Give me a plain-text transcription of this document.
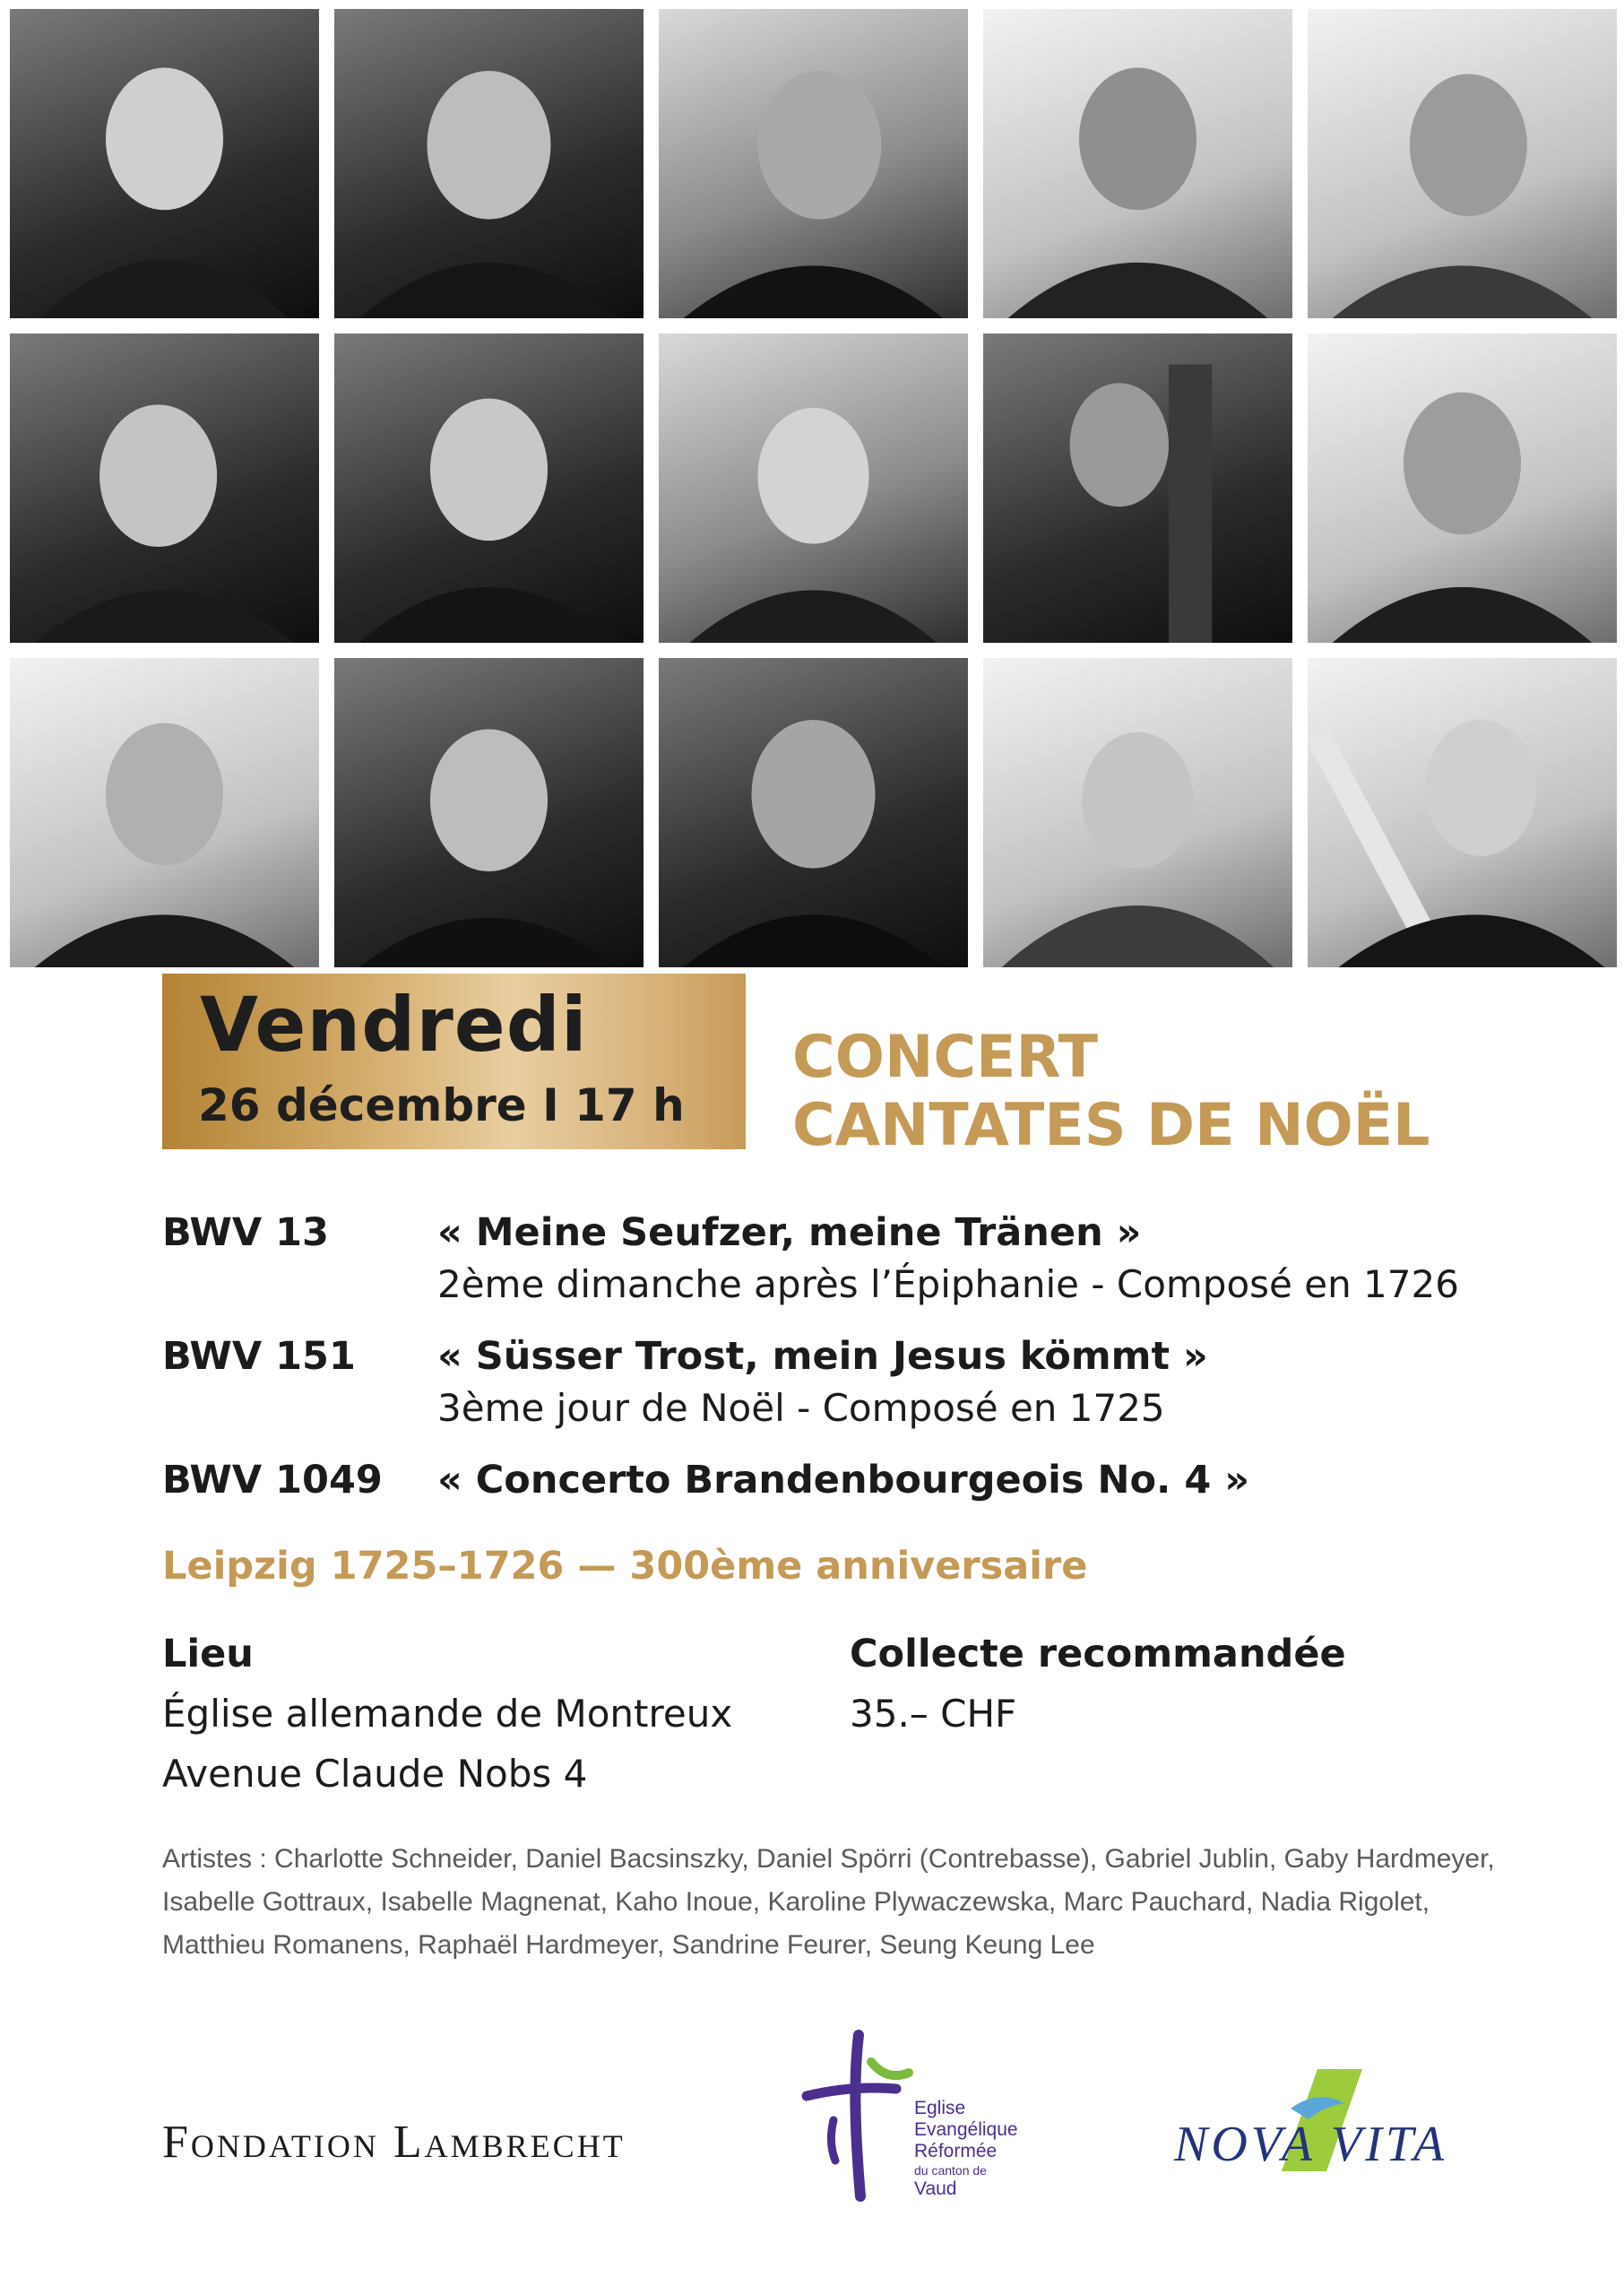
Vendredi

26 décembre I 17 h

CONCERT
CANTATES DE NOËL
BWV 13	« Meine Seufzer, meine Tränen »
2ème dimanche après l’Épiphanie - Composé en 1726
BWV 151 « Süsser Trost, mein Jesus kömmt »
3ème jour de Noël - Composé en 1725
BWV 1049 « Concerto Brandenbourgeois No. 4 »

Leipzig 1725–1726 — 300ème anniversaire

Lieu

Église allemande de Montreux

Avenue Claude Nobs 4

Collecte recommandée

35.– CHF

Artistes : Charlotte Schneider, Daniel Bacsinszky, Daniel Spörri (Contrebasse), Gabriel Jublin, Gaby Hardmeyer, Isabelle Gottraux, Isabelle Magnenat, Kaho Inoue, Karoline Plywaczewska, Marc Pauchard, Nadia Rigolet, Matthieu Romanens, Raphaël Hardmeyer, Sandrine Feurer, Seung Keung Lee

Fondation Lambrecht
Eglise
Evangélique
Réformée
du canton de
Vaud
NOVA VITA
